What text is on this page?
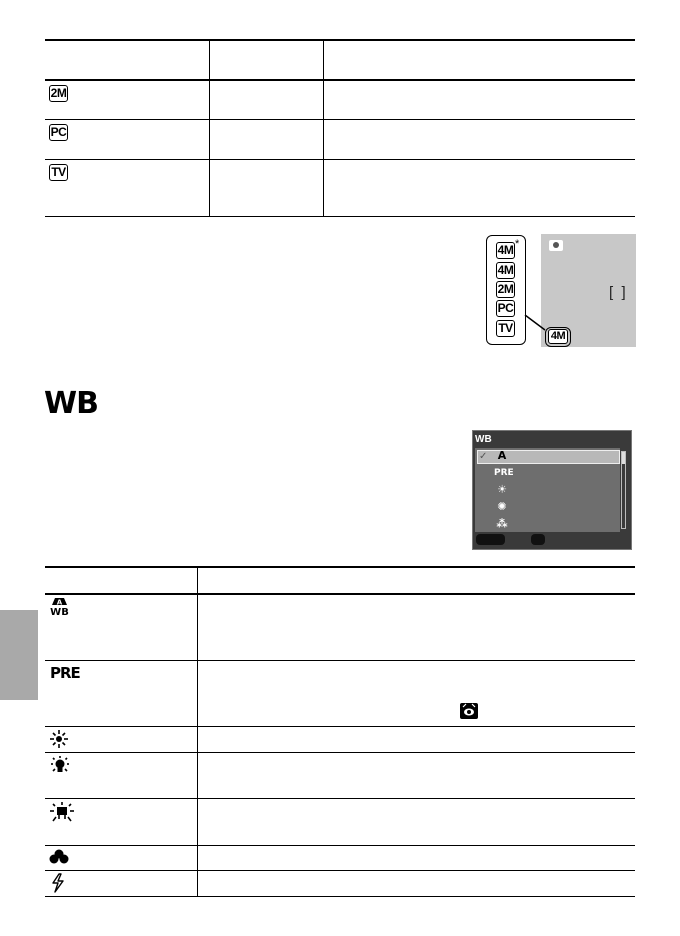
2M
PC
TV
4M *
4M
2M
PC
TV
[  ]
4M
WB
WB
✓ A
PRE
☀
✺
⁂
A
WB
PRE
